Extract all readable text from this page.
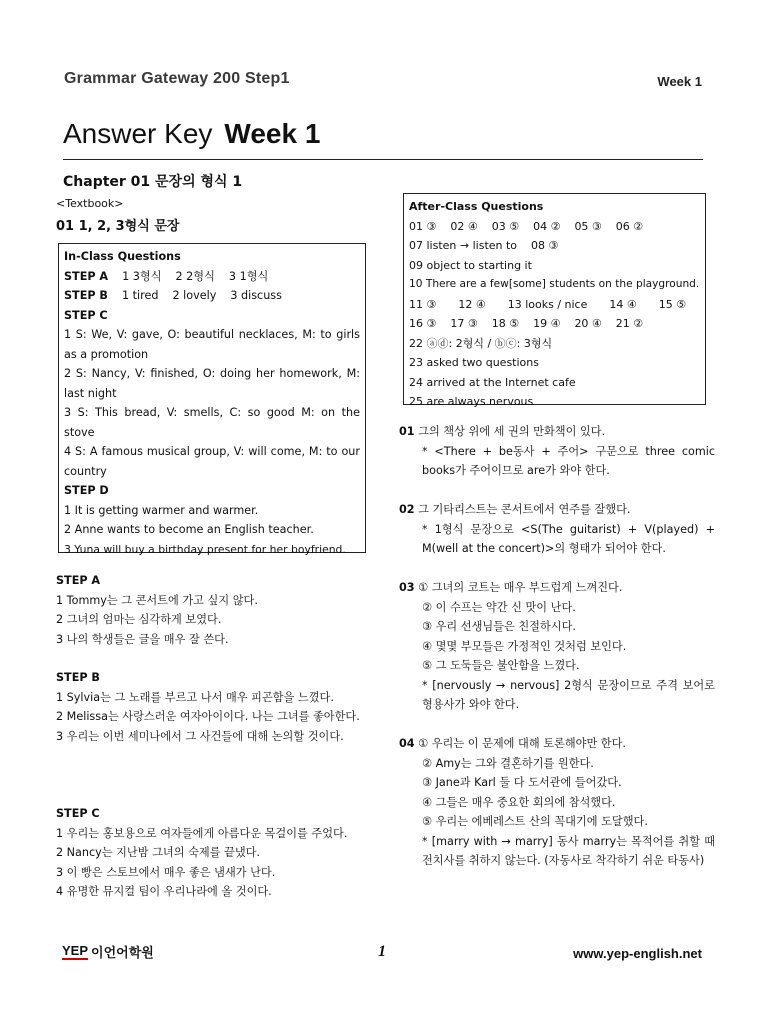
Grammar Gateway 200 Step1	Week 1
Answer Key Week 1
Chapter 01 문장의 형식 1
<Textbook>
01 1, 2, 3형식 문장
In-Class Questions
STEP A 1 3형식 2 2형식 3 1형식
STEP B 1 tired 2 lovely 3 discuss
STEP C
1 S: We, V: gave, O: beautiful necklaces, M: to girls as a promotion
2 S: Nancy, V: finished, O: doing her homework, M: last night
3 S: This bread, V: smells, C: so good M: on the stove
4 S: A famous musical group, V: will come, M: to our country
STEP D
1 It is getting warmer and warmer.
2 Anne wants to become an English teacher.
3 Yuna will buy a birthday present for her boyfriend.
STEP A
1 Tommy는 그 콘서트에 가고 싶지 않다.
2 그녀의 엄마는 심각하게 보였다.
3 나의 학생들은 글을 매우 잘 쓴다.
STEP B
1 Sylvia는 그 노래를 부르고 나서 매우 피곤함을 느꼈다.
2 Melissa는 사랑스러운 여자아이이다. 나는 그녀를 좋아한다.
3 우리는 이번 세미나에서 그 사건들에 대해 논의할 것이다.
STEP C
1 우리는 홍보용으로 여자들에게 아름다운 목걸이를 주었다.
2 Nancy는 지난밤 그녀의 숙제를 끝냈다.
3 이 빵은 스토브에서 매우 좋은 냄새가 난다.
4 유명한 뮤지컬 팀이 우리나라에 올 것이다.
After-Class Questions
01 ③ 02 ④ 03 ⑤ 04 ② 05 ③ 06 ②
07 listen → listen to 08 ③
09 object to starting it
10 There are a few[some] students on the playground.
11 ③ 12 ④ 13 looks / nice 14 ④ 15 ⑤
16 ③ 17 ③ 18 ⑤ 19 ④ 20 ④ 21 ②
22 ⓐⓓ: 2형식 / ⓑⓒ: 3형식
23 asked two questions
24 arrived at the Internet cafe
25 are always nervous
01 그의 책상 위에 세 권의 만화책이 있다.
* <There + be동사 + 주어> 구문으로 three comic books가 주어이므로 are가 와야 한다.
02 그 기타리스트는 콘서트에서 연주를 잘했다.
* 1형식 문장으로 <S(The guitarist) + V(played) + M(well at the concert)>의 형태가 되어야 한다.
03 ① 그녀의 코트는 매우 부드럽게 느껴진다.
② 이 수프는 약간 신 맛이 난다.
③ 우리 선생님들은 친절하시다.
④ 몇몇 부모들은 가정적인 것처럼 보인다.
⑤ 그 도둑들은 불안함을 느꼈다.
* [nervously → nervous] 2형식 문장이므로 주격 보어로 형용사가 와야 한다.
04 ① 우리는 이 문제에 대해 토론해야만 한다.
② Amy는 그와 결혼하기를 원한다.
③ Jane과 Karl 둘 다 도서관에 들어갔다.
④ 그들은 매우 중요한 회의에 참석했다.
⑤ 우리는 에베레스트 산의 꼭대기에 도달했다.
* [marry with → marry] 동사 marry는 목적어를 취할 때 전치사를 취하지 않는다. (자동사로 착각하기 쉬운 타동사)
YEP 이언어학원	1	www.yep-english.net
